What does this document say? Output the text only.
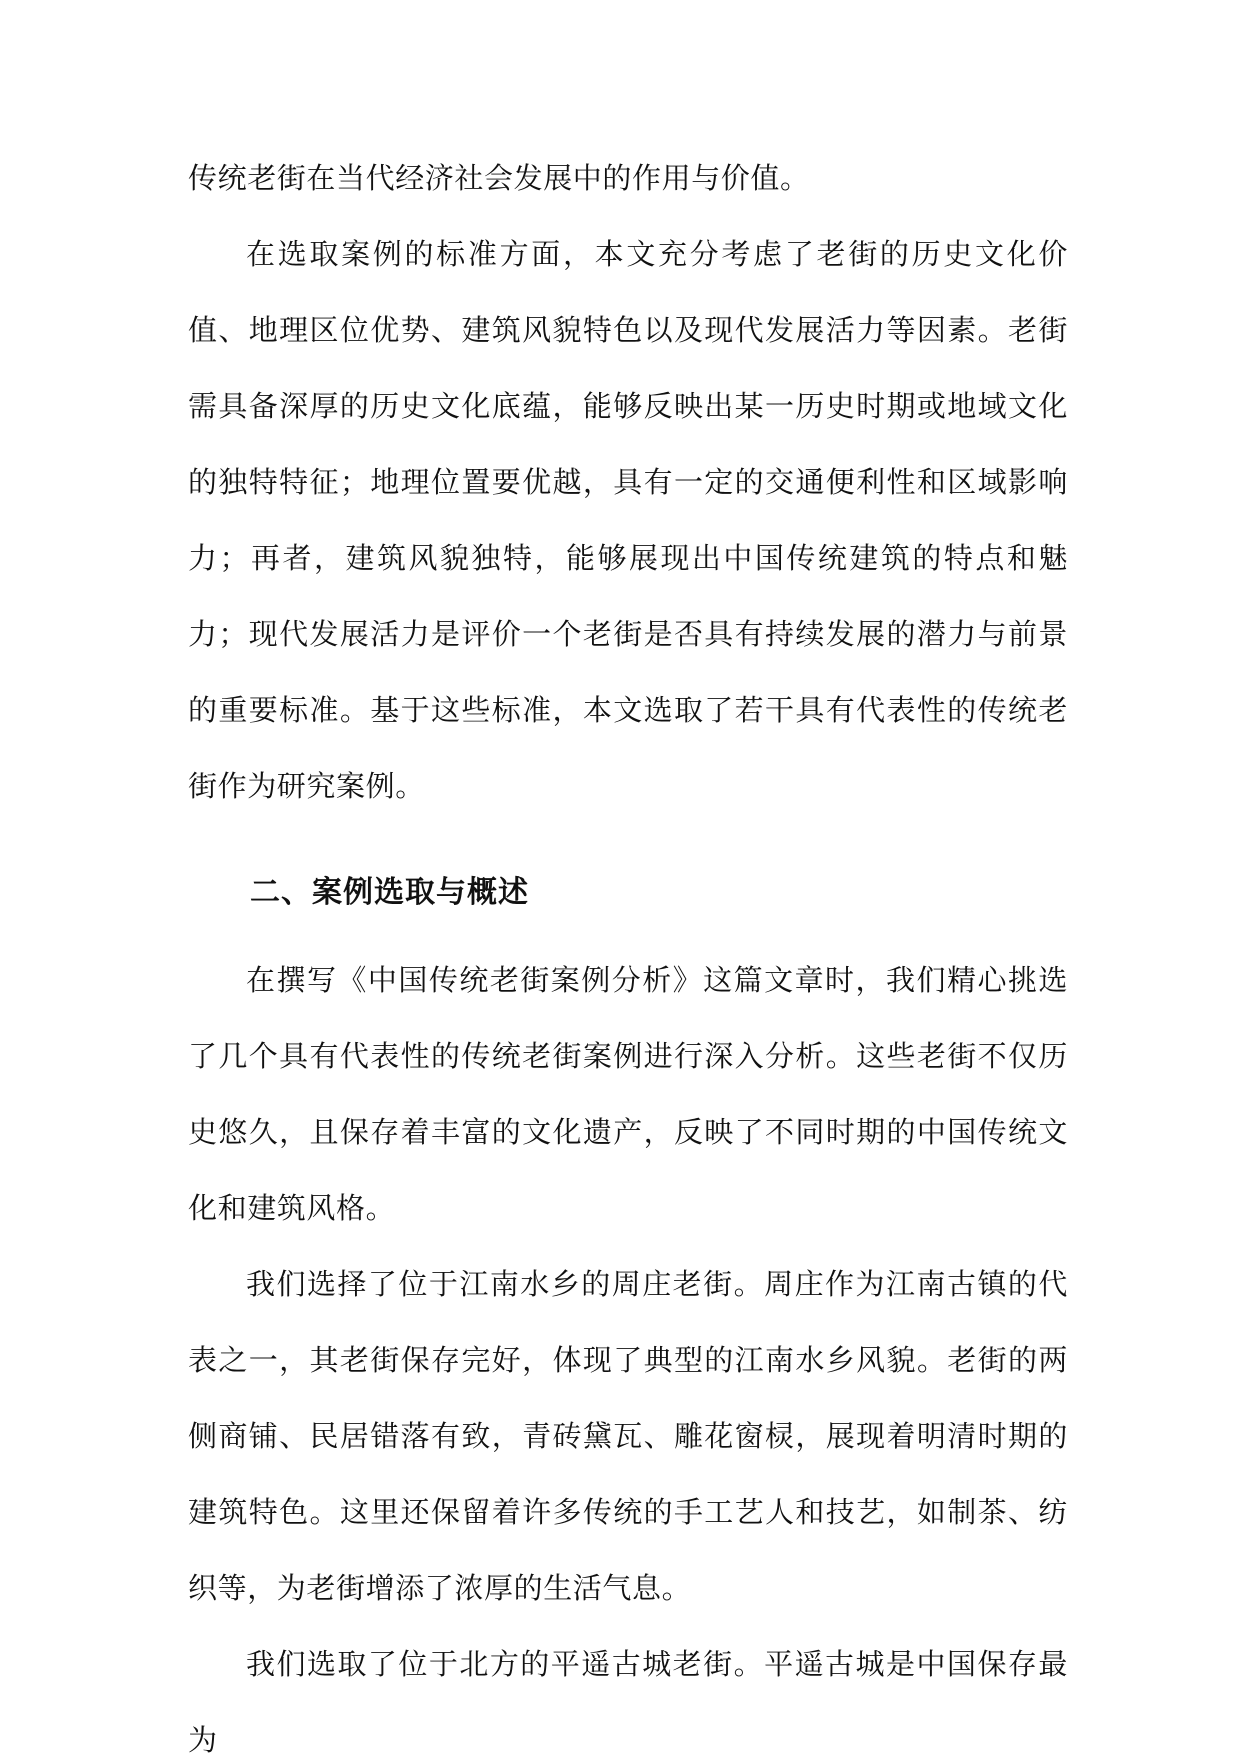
传统老街在当代经济社会发展中的作用与价值。

在选取案例的标准方面，本文充分考虑了老街的历史文化价值、地理区位优势、建筑风貌特色以及现代发展活力等因素。老街需具备深厚的历史文化底蕴，能够反映出某一历史时期或地域文化的独特特征；地理位置要优越，具有一定的交通便利性和区域影响力；再者，建筑风貌独特，能够展现出中国传统建筑的特点和魅力；现代发展活力是评价一个老街是否具有持续发展的潜力与前景的重要标准。基于这些标准，本文选取了若干具有代表性的传统老街作为研究案例。

二、案例选取与概述

在撰写《中国传统老街案例分析》这篇文章时，我们精心挑选了几个具有代表性的传统老街案例进行深入分析。这些老街不仅历史悠久，且保存着丰富的文化遗产，反映了不同时期的中国传统文化和建筑风格。

我们选择了位于江南水乡的周庄老街。周庄作为江南古镇的代表之一，其老街保存完好，体现了典型的江南水乡风貌。老街的两侧商铺、民居错落有致，青砖黛瓦、雕花窗棂，展现着明清时期的建筑特色。这里还保留着许多传统的手工艺人和技艺，如制茶、纺织等，为老街增添了浓厚的生活气息。

我们选取了位于北方的平遥古城老街。平遥古城是中国保存最为
